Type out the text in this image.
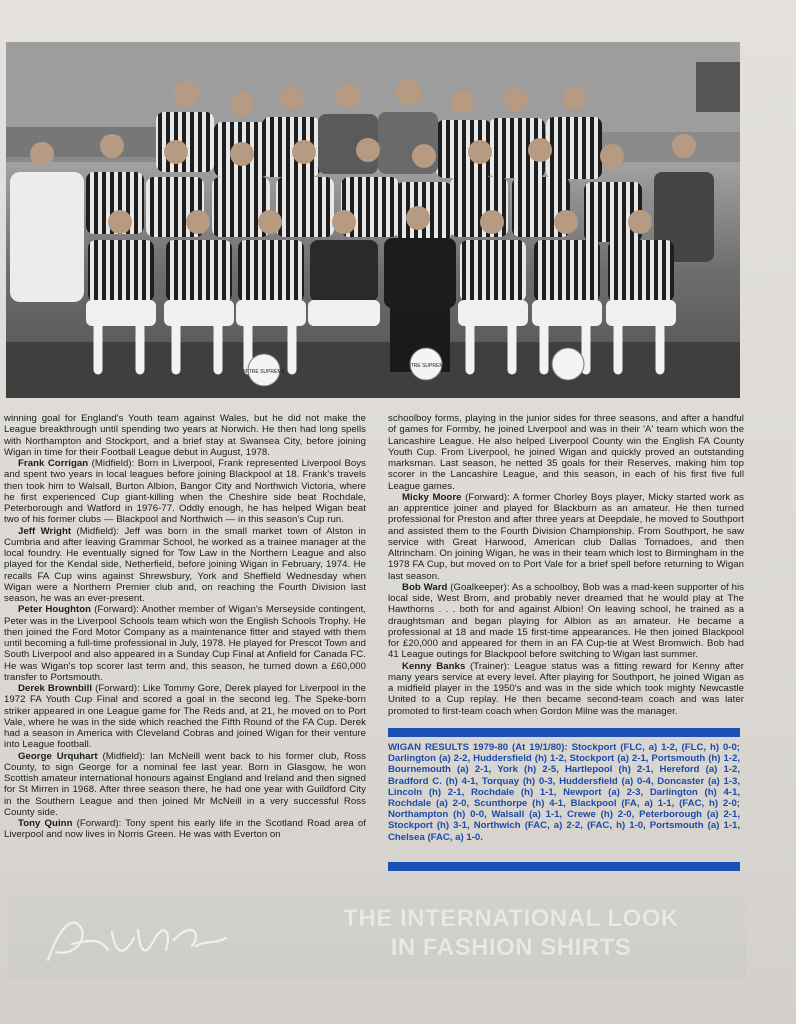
MITRE SUPREME
MITRE SUPREME

winning goal for England's Youth team against Wales, but he did not make the League breakthrough until spending two years at Norwich. He then had long spells with Northampton and Stockport, and a brief stay at Swansea City, before joining Wigan in time for their Football League debut in August, 1978.

Frank Corrigan (Midfield): Born in Liverpool, Frank represented Liverpool Boys and spent two years in local leagues before joining Blackpool at 18. Frank's travels then took him to Walsall, Burton Albion, Bangor City and Northwich Victoria, where he first experienced Cup giant-killing when the Cheshire side beat Rochdale, Peterborough and Watford in 1976-77. Oddly enough, he has helped Wigan beat two of his former clubs — Blackpool and Northwich — in this season's Cup run.

Jeff Wright (Midfield): Jeff was born in the small market town of Alston in Cumbria and after leaving Grammar School, he worked as a trainee manager at the local foundry. He eventually signed for Tow Law in the Northern League and also played for the Kendal side, Netherfield, before joining Wigan in February, 1974. He recalls FA Cup wins against Shrewsbury, York and Sheffield Wednesday when Wigan were a Northern Premier club and, on reaching the Fourth Division last season, he was an ever-present.

Peter Houghton (Forward): Another member of Wigan's Merseyside contingent, Peter was in the Liverpool Schools team which won the English Schools Trophy. He then joined the Ford Motor Company as a maintenance fitter and stayed with them until becoming a full-time professional in July, 1978. He played for Prescot Town and South Liverpool and also appeared in a Sunday Cup Final at Anfield for Canada FC. He was Wigan's top scorer last term and, this season, he turned down a £60,000 transfer to Portsmouth.

Derek Brownbill (Forward): Like Tommy Gore, Derek played for Liverpool in the 1972 FA Youth Cup Final and scored a goal in the second leg. The Speke-born striker appeared in one League game for The Reds and, at 21, he moved on to Port Vale, where he was in the side which reached the Fifth Round of the FA Cup. Derek had a season in America with Cleveland Cobras and joined Wigan for their venture into League football.

George Urquhart (Midfield): Ian McNeill went back to his former club, Ross County, to sign George for a nominal fee last year. Born in Glasgow, he won Scottish amateur international honours against England and Ireland and then signed for St Mirren in 1968. After three season there, he had one year with Guildford City in the Southern League and then joined Mr McNeill in a very successful Ross County side.

Tony Quinn (Forward): Tony spent his early life in the Scotland Road area of Liverpool and now lives in Norris Green. He was with Everton on

schoolboy forms, playing in the junior sides for three seasons, and after a handful of games for Formby, he joined Liverpool and was in their 'A' team which won the Lancashire League. He also helped Liverpool County win the English FA County Youth Cup. From Liverpool, he joined Wigan and quickly proved an outstanding marksman. Last season, he netted 35 goals for their Reserves, making him top scorer in the Lancashire League, and this season, in each of his first five full League games.

Micky Moore (Forward): A former Chorley Boys player, Micky started work as an apprentice joiner and played for Blackburn as an amateur. He then turned professional for Preston and after three years at Deepdale, he moved to Southport and assisted them to the Fourth Division Championship. From Southport, he saw service with Great Harwood, American club Dallas Tornadoes, and then Altrincham. On joining Wigan, he was in their team which lost to Birmingham in the 1978 FA Cup, but moved on to Port Vale for a brief spell before returning to Wigan last season.

Bob Ward (Goalkeeper): As a schoolboy, Bob was a mad-keen supporter of his local side, West Brom, and probably never dreamed that he would play at The Hawthorns . . . both for and against Albion! On leaving school, he trained as a draughtsman and began playing for Albion as an amateur. He became a professional at 18 and made 15 first-time appearances. He then joined Blackpool for £20,000 and appeared for them in an FA Cup-tie at West Bromwich. Bob had 41 League outings for Blackpool before switching to Wigan last summer.

Kenny Banks (Trainer): League status was a fitting reward for Kenny after many years service at every level. After playing for Southport, he joined Wigan as a midfield player in the 1950's and was in the side which took mighty Newcastle United to a Cup replay. He then became second-team coach and was later promoted to first-team coach when Gordon Milne was the manager.

WIGAN RESULTS 1979-80 (At 19/1/80): Stockport (FLC, a) 1-2, (FLC, h) 0-0; Darlington (a) 2-2, Huddersfield (h) 1-2, Stockport (a) 2-1, Portsmouth (h) 1-2, Bournemouth (a) 2-1, York (h) 2-5, Hartlepool (h) 2-1, Hereford (a) 1-2, Bradford C. (h) 4-1, Torquay (h) 0-3, Huddersfield (a) 0-4, Doncaster (a) 1-3, Lincoln (h) 2-1, Rochdale (h) 1-1, Newport (a) 2-3, Darlington (h) 4-1, Rochdale (a) 2-0, Scunthorpe (h) 4-1, Blackpool (FA, a) 1-1, (FAC, h) 2-0; Northampton (h) 0-0, Walsall (a) 1-1, Crewe (h) 2-0, Peterborough (a) 2-1, Stockport (h) 3-1, Northwich (FAC, a) 2-2, (FAC, h) 1-0, Portsmouth (a) 1-1, Chelsea (FAC, a) 1-0.
THE INTERNATIONAL LOOK
IN FASHION SHIRTS
